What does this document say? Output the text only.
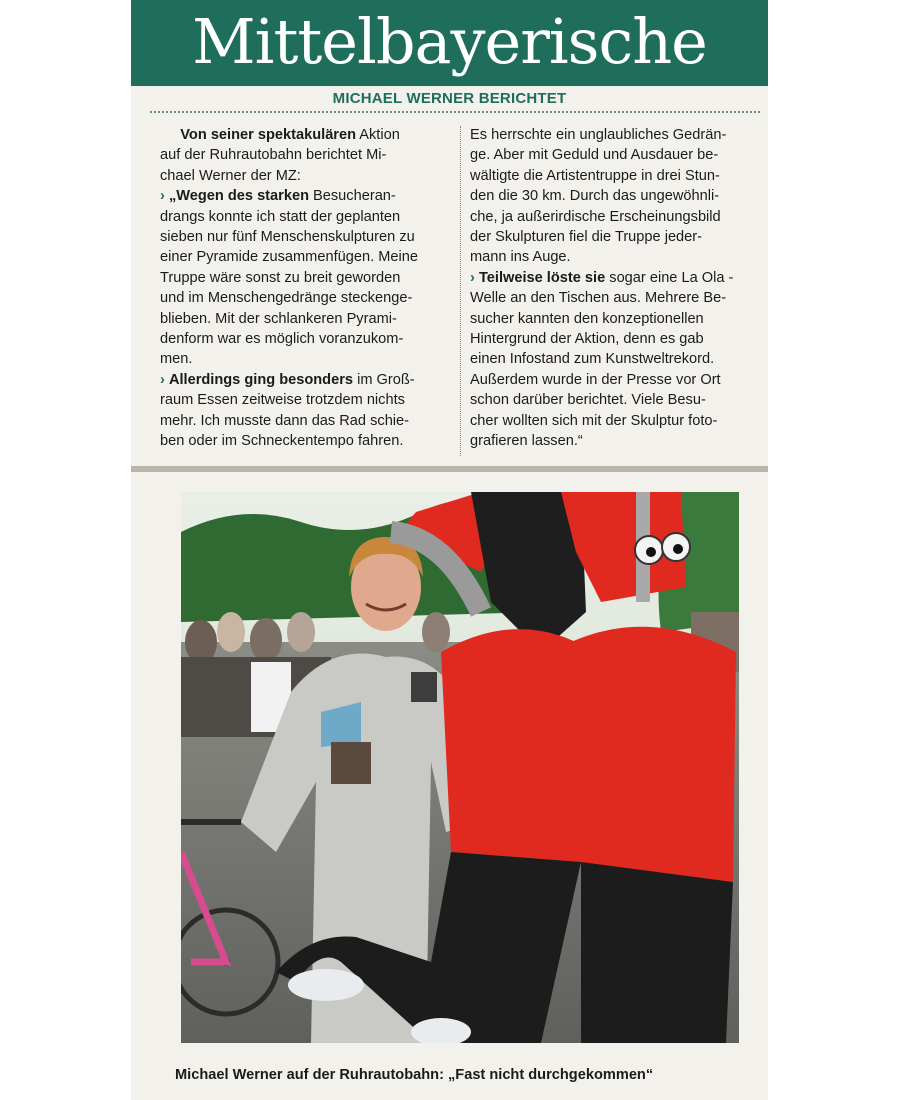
Mittelbayerische
MICHAEL WERNER BERICHTET

Von seiner spektakulären Aktion
auf der Ruhrautobahn berichtet Mi-
chael Werner der MZ:

› „Wegen des starken Besucheran-
drangs konnte ich statt der geplanten
sieben nur fünf Menschenskulpturen zu
einer Pyramide zusammenfügen. Meine
Truppe wäre sonst zu breit geworden
und im Menschengedränge steckenge-
blieben. Mit der schlankeren Pyrami-
denform war es möglich voranzukom-
men.

› Allerdings ging besonders im Groß-
raum Essen zeitweise trotzdem nichts
mehr. Ich musste dann das Rad schie-
ben oder im Schneckentempo fahren.

Es herrschte ein unglaubliches Gedrän-
ge. Aber mit Geduld und Ausdauer be-
wältigte die Artistentruppe in drei Stun-
den die 30 km. Durch das ungewöhnli-
che, ja außerirdische Erscheinungsbild
der Skulpturen fiel die Truppe jeder-
mann ins Auge.

› Teilweise löste sie sogar eine La Ola -
Welle an den Tischen aus. Mehrere Be-
sucher kannten den konzeptionellen
Hintergrund der Aktion, denn es gab
einen Infostand zum Kunstweltrekord.
Außerdem wurde in der Presse vor Ort
schon darüber berichtet. Viele Besu-
cher wollten sich mit der Skulptur foto-
grafieren lassen.“

Michael Werner auf der Ruhrautobahn: „Fast nicht durchgekommen“
